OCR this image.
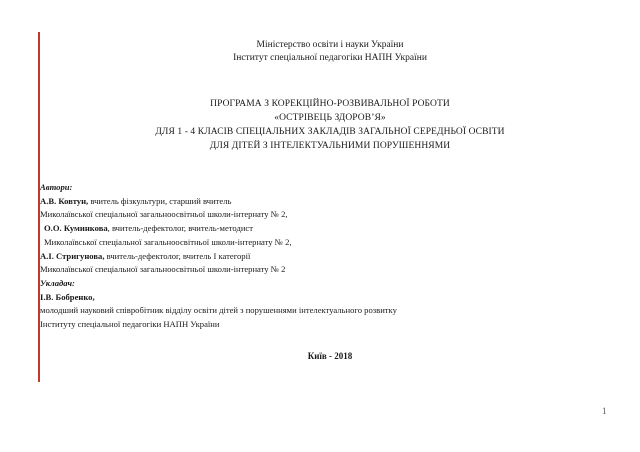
Міністерство освіти і науки України
Інститут спеціальної педагогіки НАПН України
ПРОГРАМА З КОРЕКЦІЙНО-РОЗВИВАЛЬНОЇ РОБОТИ
«ОСТРІВЕЦЬ ЗДОРОВ’Я»
ДЛЯ 1 - 4 КЛАСІВ СПЕЦІАЛЬНИХ ЗАКЛАДІВ ЗАГАЛЬНОЇ СЕРЕДНЬОЇ ОСВІТИ
ДЛЯ ДІТЕЙ З ІНТЕЛЕКТУАЛЬНИМИ ПОРУШЕННЯМИ
Автори:
А.В. Ковтун, вчитель фізкультури, старший вчитель
Миколаївської спеціальної загальноосвітньої школи-інтернату № 2,
О.О. Куминкова, вчитель-дефектолог, вчитель-методист
Миколаївської спеціальної загальноосвітньої школи-інтернату № 2,
А.І. Стригунова, вчитель-дефектолог, вчитель І категорії
Миколаївської спеціальної загальноосвітньої школи-інтернату № 2
Укладач:
І.В. Бобренко,
молодший науковий співробітник відділу освіти дітей з порушеннями інтелектуального розвитку
Інституту спеціальної педагогіки НАПН України
Київ - 2018
1
